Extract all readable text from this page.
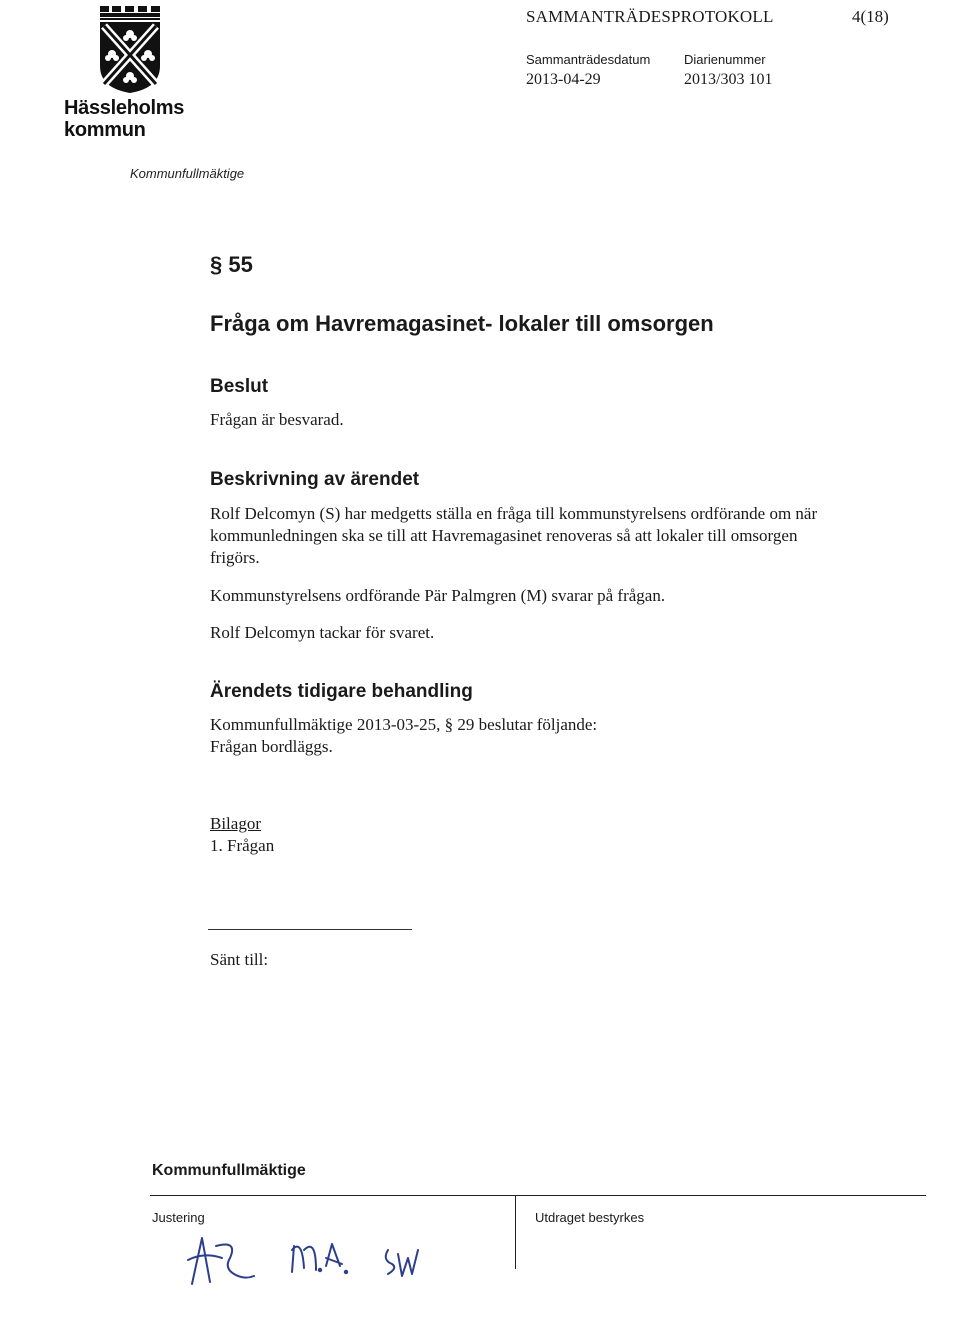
Hässleholms
kommun
Kommunfullmäktige
SAMMANTRÄDESPROTOKOLL	4(18)
Sammanträdesdatum
2013-04-29
Diarienummer
2013/303 101
§ 55
Fråga om Havremagasinet- lokaler till omsorgen
Beslut
Frågan är besvarad.
Beskrivning av ärendet
Rolf Delcomyn (S) har medgetts ställa en fråga till kommunstyrelsens ordförande om när kommunledningen ska se till att Havremagasinet renoveras så att lokaler till omsorgen frigörs.
Kommunstyrelsens ordförande Pär Palmgren (M) svarar på frågan.
Rolf Delcomyn tackar för svaret.
Ärendets tidigare behandling
Kommunfullmäktige 2013-03-25, § 29 beslutar följande:
Frågan bordläggs.
Bilagor
1. Frågan
Sänt till:
Kommunfullmäktige
Justering	Utdraget bestyrkes
